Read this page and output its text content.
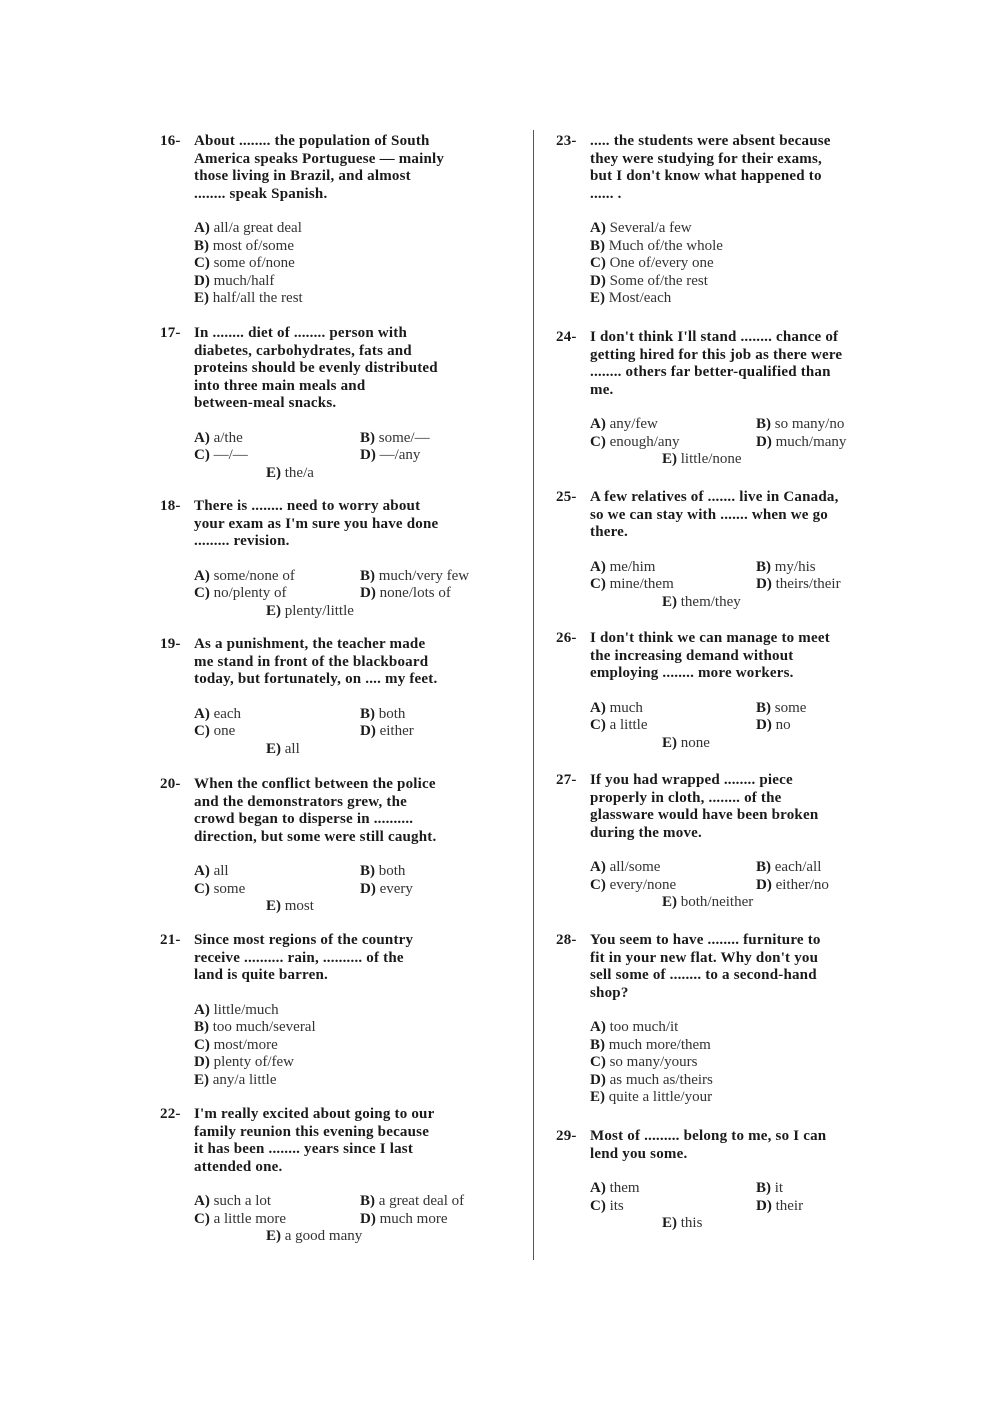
16- About ........ the population of South
America speaks Portuguese — mainly
those living in Brazil, and almost
........ speak Spanish.
A) all/a great deal
B) most of/some
C) some of/none
D) much/half
E) half/all the rest
17- In ........ diet of ........ person with
diabetes, carbohydrates, fats and
proteins should be evenly distributed
into three main meals and
between-meal snacks.
A) a/the	B) some/—
C) —/—	D) —/any
E) the/a
18- There is ........ need to worry about
your exam as I'm sure you have done
......... revision.
A) some/none of	B) much/very few
C) no/plenty of	D) none/lots of
E) plenty/little
19- As a punishment, the teacher made
me stand in front of the blackboard
today, but fortunately, on .... my feet.
A) each	B) both
C) one	D) either
E) all
20- When the conflict between the police
and the demonstrators grew, the
crowd began to disperse in ..........
direction, but some were still caught.
A) all	B) both
C) some	D) every
E) most
21- Since most regions of the country
receive .......... rain, .......... of the
land is quite barren.
A) little/much
B) too much/several
C) most/more
D) plenty of/few
E) any/a little
22- I'm really excited about going to our
family reunion this evening because
it has been ........ years since I last
attended one.
A) such a lot	B) a great deal of
C) a little more	D) much more
E) a good many
23- ..... the students were absent because
they were studying for their exams,
but I don't know what happened to
...... .
A) Several/a few
B) Much of/the whole
C) One of/every one
D) Some of/the rest
E) Most/each
24- I don't think I'll stand ........ chance of
getting hired for this job as there were
........ others far better-qualified than
me.
A) any/few	B) so many/no
C) enough/any	D) much/many
E) little/none
25- A few relatives of ....... live in Canada,
so we can stay with ....... when we go
there.
A) me/him	B) my/his
C) mine/them	D) theirs/their
E) them/they
26- I don't think we can manage to meet
the increasing demand without
employing ........ more workers.
A) much	B) some
C) a little	D) no
E) none
27- If you had wrapped ........ piece
properly in cloth, ........ of the
glassware would have been broken
during the move.
A) all/some	B) each/all
C) every/none	D) either/no
E) both/neither
28- You seem to have ........ furniture to
fit in your new flat. Why don't you
sell some of ........ to a second-hand
shop?
A) too much/it
B) much more/them
C) so many/yours
D) as much as/theirs
E) quite a little/your
29- Most of ......... belong to me, so I can
lend you some.
A) them	B) it
C) its	D) their
E) this
